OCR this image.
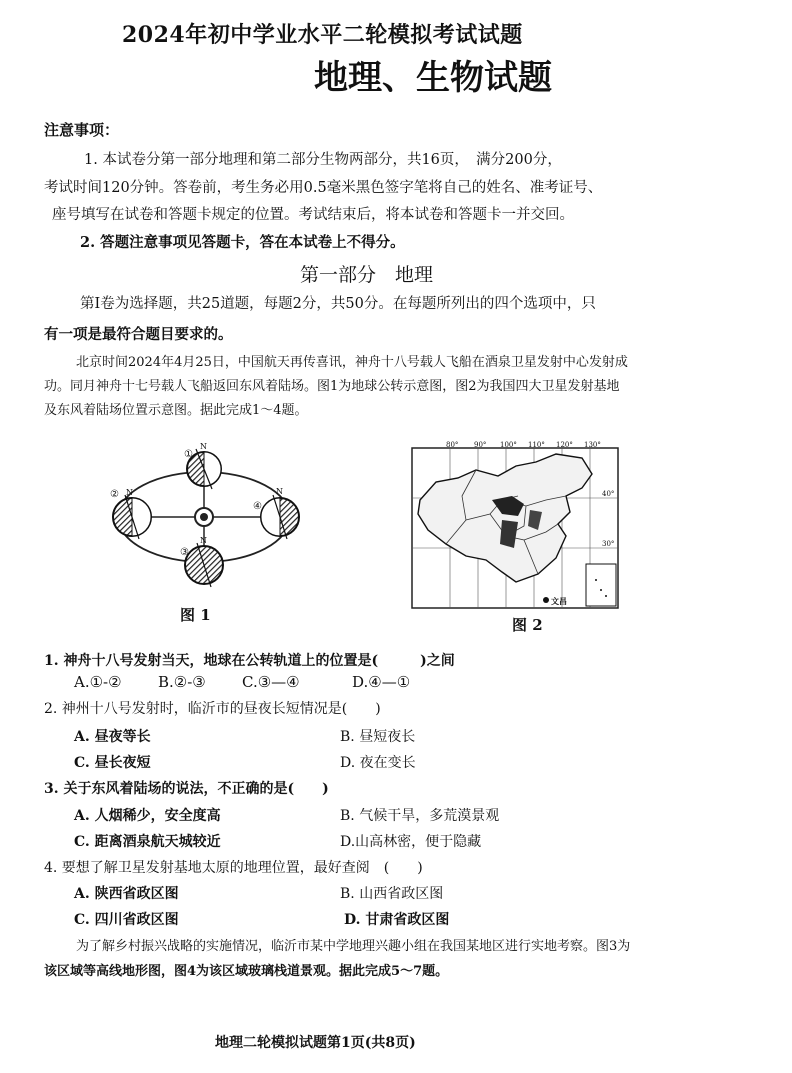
2024年初中学业水平二轮模拟考试试题
地理、生物试题
注意事项：
1. 本试卷分第一部分地理和第二部分生物两部分，共16页，　满分200分，
考试时间120分钟。答卷前，考生务必用0.5毫米黑色签字笔将自己的姓名、准考证号、
座号填写在试卷和答题卡规定的位置。考试结束后，将本试卷和答题卡一并交回。
2. 答题注意事项见答题卡，答在本试卷上不得分。
第一部分　地理
第Ⅰ卷为选择题，共25道题，每题2分，共50分。在每题所列出的四个选项中，只
有一项是最符合题目要求的。
北京时间2024年4月25日，中国航天再传喜讯，神舟十八号载人飞船在酒泉卫星发射中心发射成
功。同月神舟十七号载人飞船返回东风着陆场。图1为地球公转示意图，图2为我国四大卫星发射基地
及东风着陆场位置示意图。据此完成1～4题。
①
②
③
④
N
N
N
N
图 1
文昌
80° 90° 100° 110° 120° 130°
40°
30°
图 2
1. 神舟十八号发射当天，地球在公转轨道上的位置是(　　　)之间
A.①-② B.②-③ C.③—④	D.④—①
2. 神州十八号发射时，临沂市的昼夜长短情况是(　　)
A. 昼夜等长	B. 昼短夜长
C. 昼长夜短	D. 夜在变长
3. 关于东风着陆场的说法，不正确的是(　　)
A. 人烟稀少，安全度高	B. 气候干旱，多荒漠景观
C. 距离酒泉航天城较近	D.山高林密，便于隐藏
4. 要想了解卫星发射基地太原的地理位置，最好查阅　(　　)
A. 陕西省政区图	B. 山西省政区图
C. 四川省政区图	D. 甘肃省政区图
为了解乡村振兴战略的实施情况，临沂市某中学地理兴趣小组在我国某地区进行实地考察。图3为
该区域等高线地形图，图4为该区域玻璃栈道景观。据此完成5～7题。
地理二轮模拟试题第1页(共8页)
